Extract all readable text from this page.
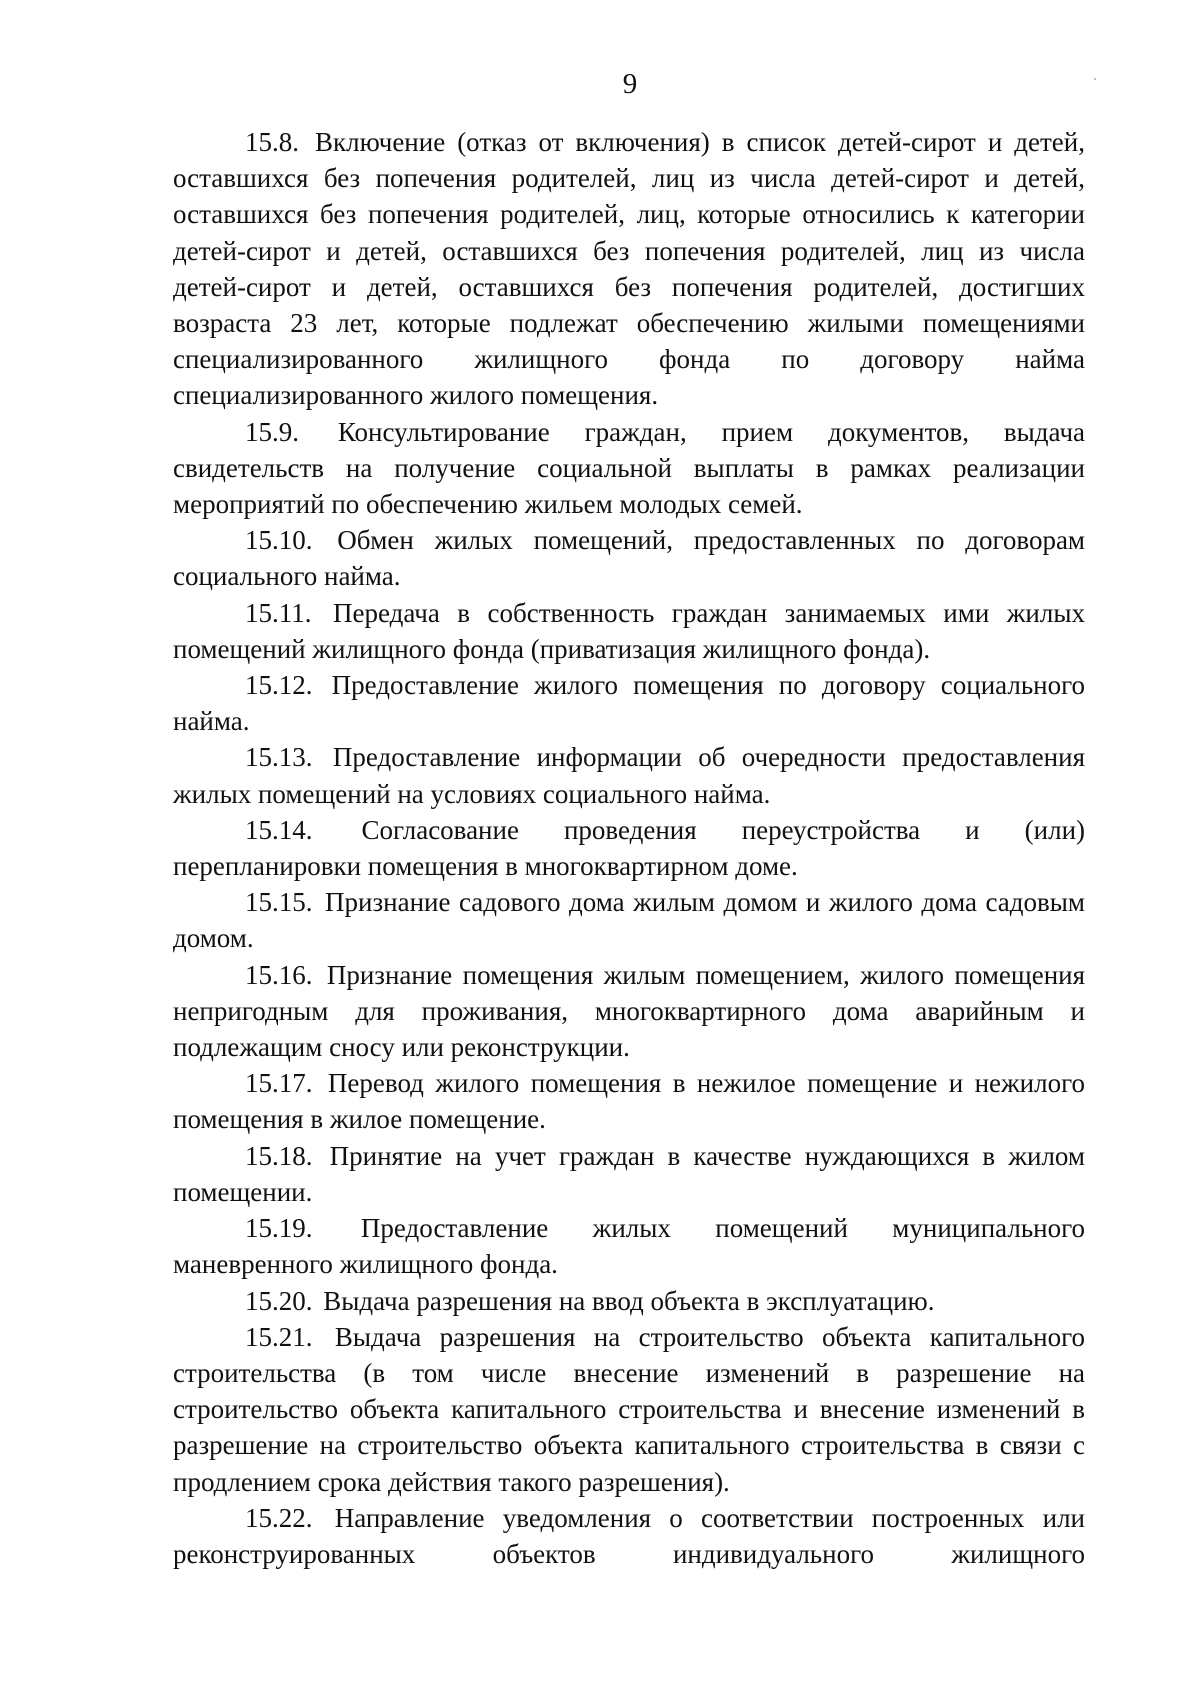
9

15.8. Включение (отказ от включения) в список детей-сирот и детей, оставшихся без попечения родителей, лиц из числа детей-сирот и детей, оставшихся без попечения родителей, лиц, которые относились к категории детей-сирот и детей, оставшихся без попечения родителей, лиц из числа детей-сирот и детей, оставшихся без попечения родителей, достигших возраста 23 лет, которые подлежат обеспечению жилыми помещениями специализированного жилищного фонда по договору найма специализированного жилого помещения.

15.9. Консультирование граждан, прием документов, выдача свидетельств на получение социальной выплаты в рамках реализации мероприятий по обеспечению жильем молодых семей.

15.10. Обмен жилых помещений, предоставленных по договорам социального найма.

15.11. Передача в собственность граждан занимаемых ими жилых помещений жилищного фонда (приватизация жилищного фонда).

15.12. Предоставление жилого помещения по договору социального найма.

15.13. Предоставление информации об очередности предоставления жилых помещений на условиях социального найма.

15.14. Согласование проведения переустройства и (или) перепланировки помещения в многоквартирном доме.

15.15. Признание садового дома жилым домом и жилого дома садовым домом.

15.16. Признание помещения жилым помещением, жилого помещения непригодным для проживания, многоквартирного дома аварийным и подлежащим сносу или реконструкции.

15.17. Перевод жилого помещения в нежилое помещение и нежилого помещения в жилое помещение.

15.18. Принятие на учет граждан в качестве нуждающихся в жилом помещении.

15.19. Предоставление жилых помещений муниципального маневренного жилищного фонда.

15.20. Выдача разрешения на ввод объекта в эксплуатацию.

15.21. Выдача разрешения на строительство объекта капитального строительства (в том числе внесение изменений в разрешение на строительство объекта капитального строительства и внесение изменений в разрешение на строительство объекта капитального строительства в связи с продлением срока действия такого разрешения).

15.22. Направление уведомления о соответствии построенных или реконструированных объектов индивидуального жилищного
